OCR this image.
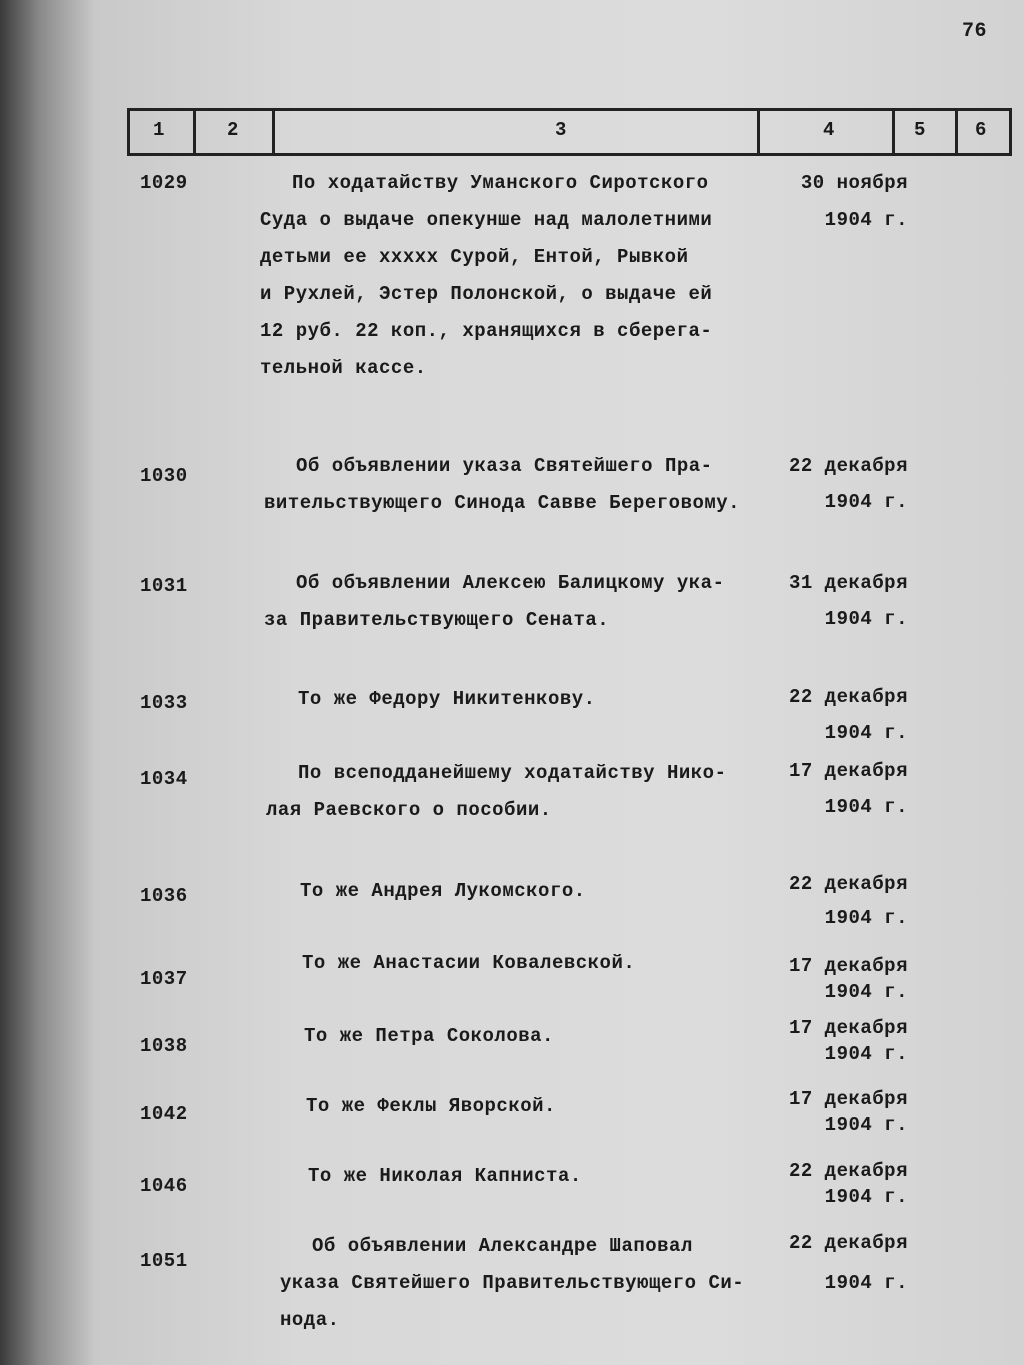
76
1	2	3	4	5	6
1029	По ходатайству Уманского Сиротского
Суда о выдаче опекунше над малолетними
детьми ее ххххх Сурой, Ентой, Рывкой
и Рухлей, Эстер Полонской, о выдаче ей
12 руб. 22 коп., хранящихся в сберега-
тельной кассе.
30 ноября
1904 г.
1030	Об объявлении указа Святейшего Пра-
вительствующего Синода Савве Береговому.
22 декабря
1904 г.
1031	Об объявлении Алексею Балицкому ука-
за Правительствующего Сената.
31 декабря
1904 г.
1033	То же Федору Никитенкову.	22 декабря
1904 г.
1034	По всеподданейшему ходатайству Нико-
лая Раевского о пособии.
17 декабря
1904 г.
1036	То же Андрея Лукомского.	22 декабря
1904 г.
1037
То же Анастасии Ковалевской.	17 декабря
1904 г.
1038	То же Петра Соколова.	17 декабря
1904 г.
1042	То же Феклы Яворской.	17 декабря
1904 г.
1046	То же Николая Капниста.	22 декабря
1904 г.
1051
Об объявлении Александре Шаповал
указа Святейшего Правительствующего Си-
нода.
22 декабря
1904 г.
